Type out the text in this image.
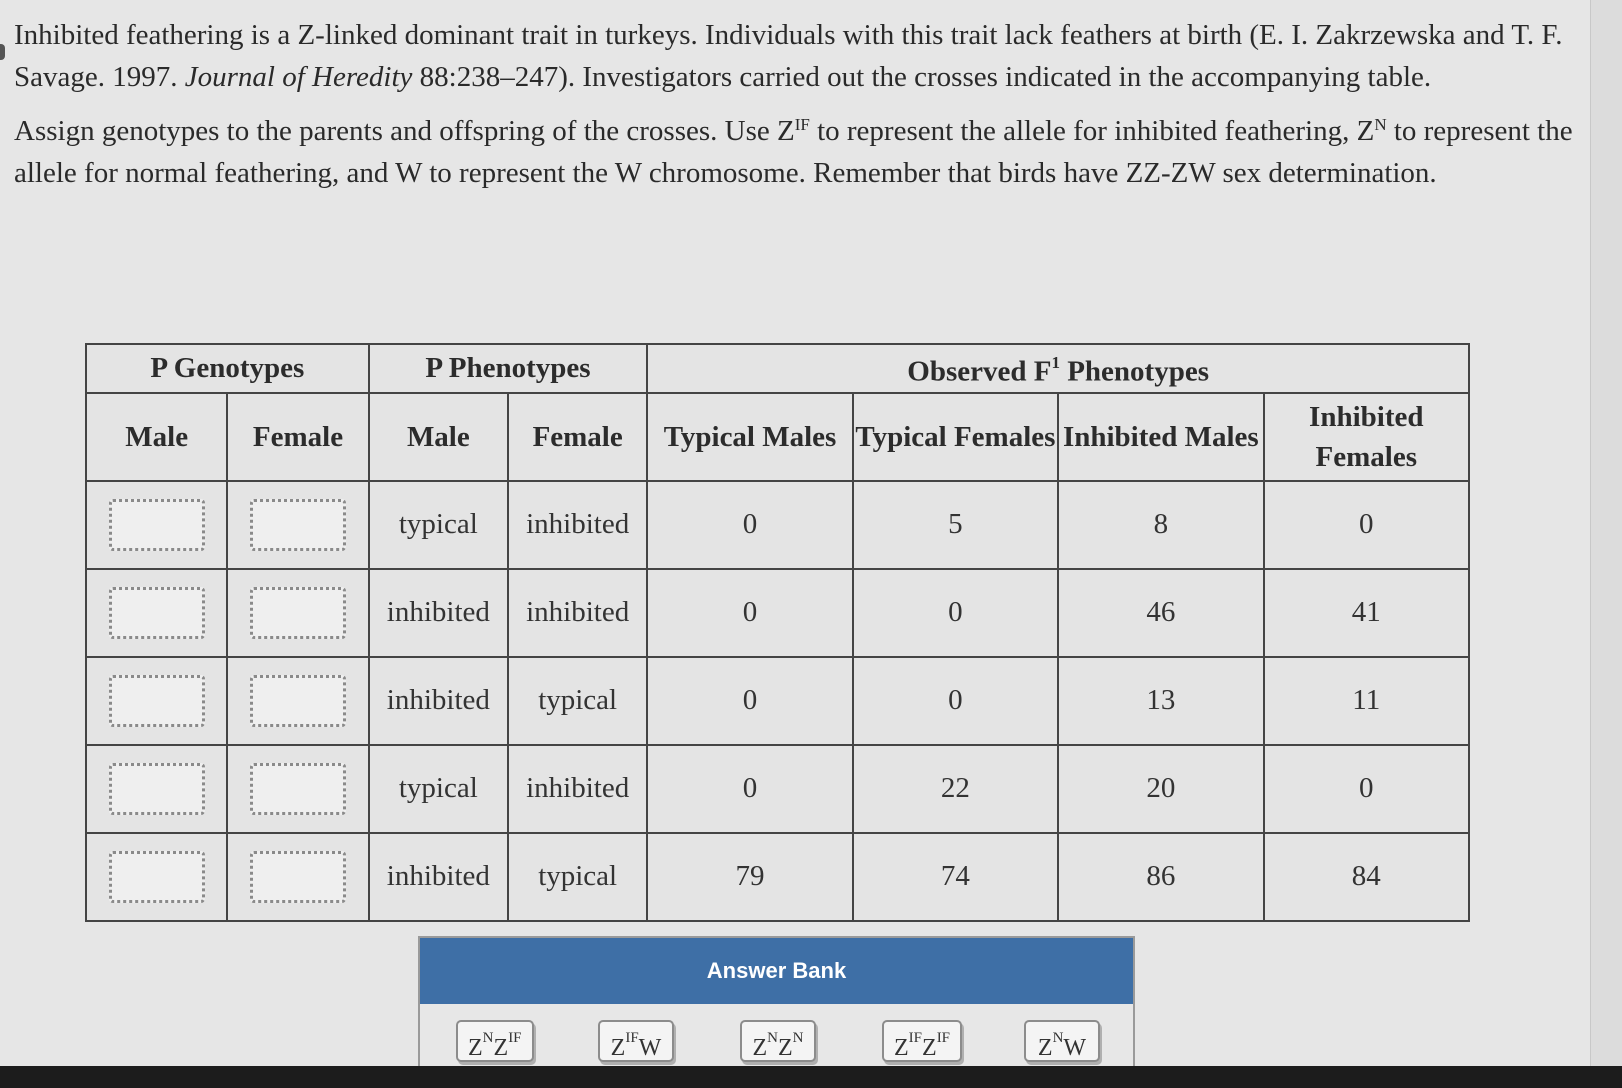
Inhibited feathering is a Z-linked dominant trait in turkeys. Individuals with this trait lack feathers at birth (E. I. Zakrzewska and T. F. Savage. 1997. Journal of Heredity 88:238–247). Investigators carried out the crosses indicated in the accompanying table.

Assign genotypes to the parents and offspring of the crosses. Use $Z^{IF}$ to represent the allele for inhibited feathering, $Z^N$ to represent the allele for normal feathering, and W to represent the W chromosome. Remember that birds have ZZ-ZW sex determination.

P Genotypes		P Phenotypes		Observed $F^1$ Phenotypes			
Male	Female	Male	Female	Typical Males	Typical Females	Inhibited Males	Inhibited Females
		typical	inhibited	0	5	8	0
		inhibited	inhibited	0	0	46	41
		inhibited	typical	0	0	13	11
		typical	inhibited	0	22	20	0
		inhibited	typical	79	74	86	84
Answer Bank
$Z^NZ^{IF}$	$Z^{IF}W$	$Z^NZ^N$	$Z^{IF}Z^{IF}$	$Z^NW$
